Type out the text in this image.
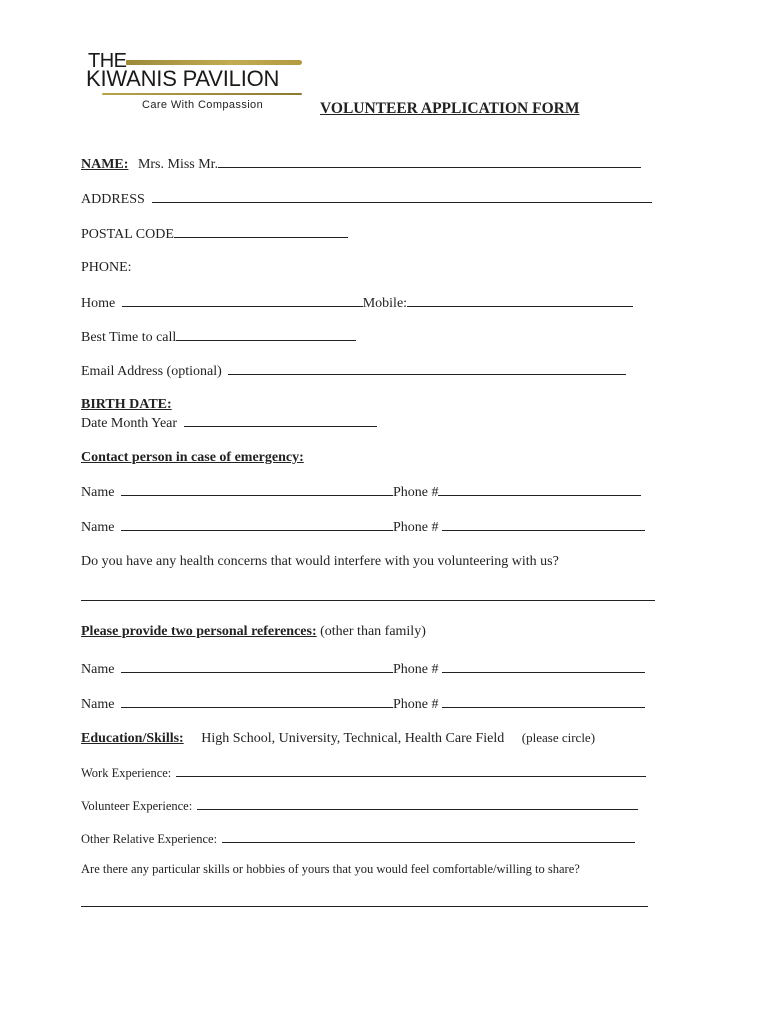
THE
KIWANIS PAVILION
Care With Compassion	VOLUNTEER APPLICATION FORM
NAME: Mrs. Miss Mr.
ADDRESS
POSTAL CODE
PHONE:
Home	Mobile:
Best Time to call
Email Address (optional)
BIRTH DATE:
Date Month Year
Contact person in case of emergency:
Name	Phone #
Name	Phone #
Do you have any health concerns that would interfere with you volunteering with us?
Please provide two personal references: (other than family)
Name	Phone #
Name	Phone #
Education/Skills: High School, University, Technical, Health Care Field (please circle)
Work Experience:
Volunteer Experience:
Other Relative Experience:
Are there any particular skills or hobbies of yours that you would feel comfortable/willing to share?
